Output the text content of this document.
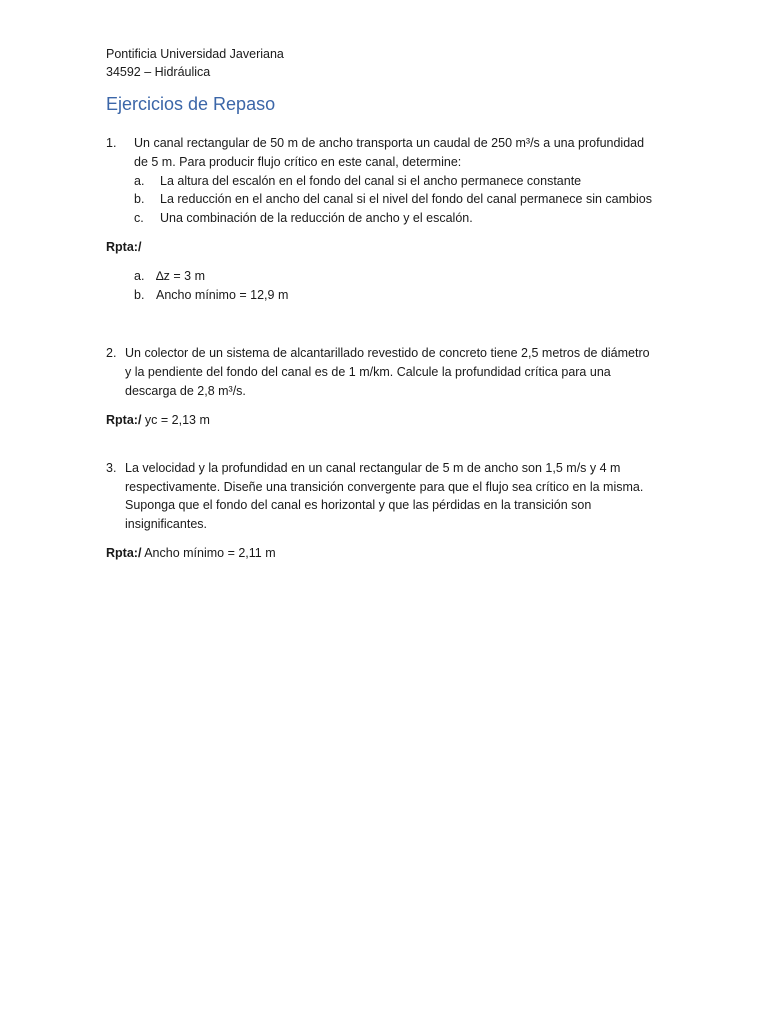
Pontificia Universidad Javeriana
34592 – Hidráulica
Ejercicios de Repaso
1. Un canal rectangular de 50 m de ancho transporta un caudal de 250 m³/s a una profundidad
de 5 m. Para producir flujo crítico en este canal, determine:
a. La altura del escalón en el fondo del canal si el ancho permanece constante
b. La reducción en el ancho del canal si el nivel del fondo del canal permanece sin cambios
c. Una combinación de la reducción de ancho y el escalón.
Rpta:/
a. ∆z = 3 m
b. Ancho mínimo = 12,9 m
2. Un colector de un sistema de alcantarillado revestido de concreto tiene 2,5 metros de diámetro
y la pendiente del fondo del canal es de 1 m/km. Calcule la profundidad crítica para una
descarga de 2,8 m³/s.
Rpta:/ yc = 2,13 m
3. La velocidad y la profundidad en un canal rectangular de 5 m de ancho son 1,5 m/s y 4 m
respectivamente. Diseñe una transición convergente para que el flujo sea crítico en la misma.
Suponga que el fondo del canal es horizontal y que las pérdidas en la transición son
insignificantes.
Rpta:/ Ancho mínimo = 2,11 m
